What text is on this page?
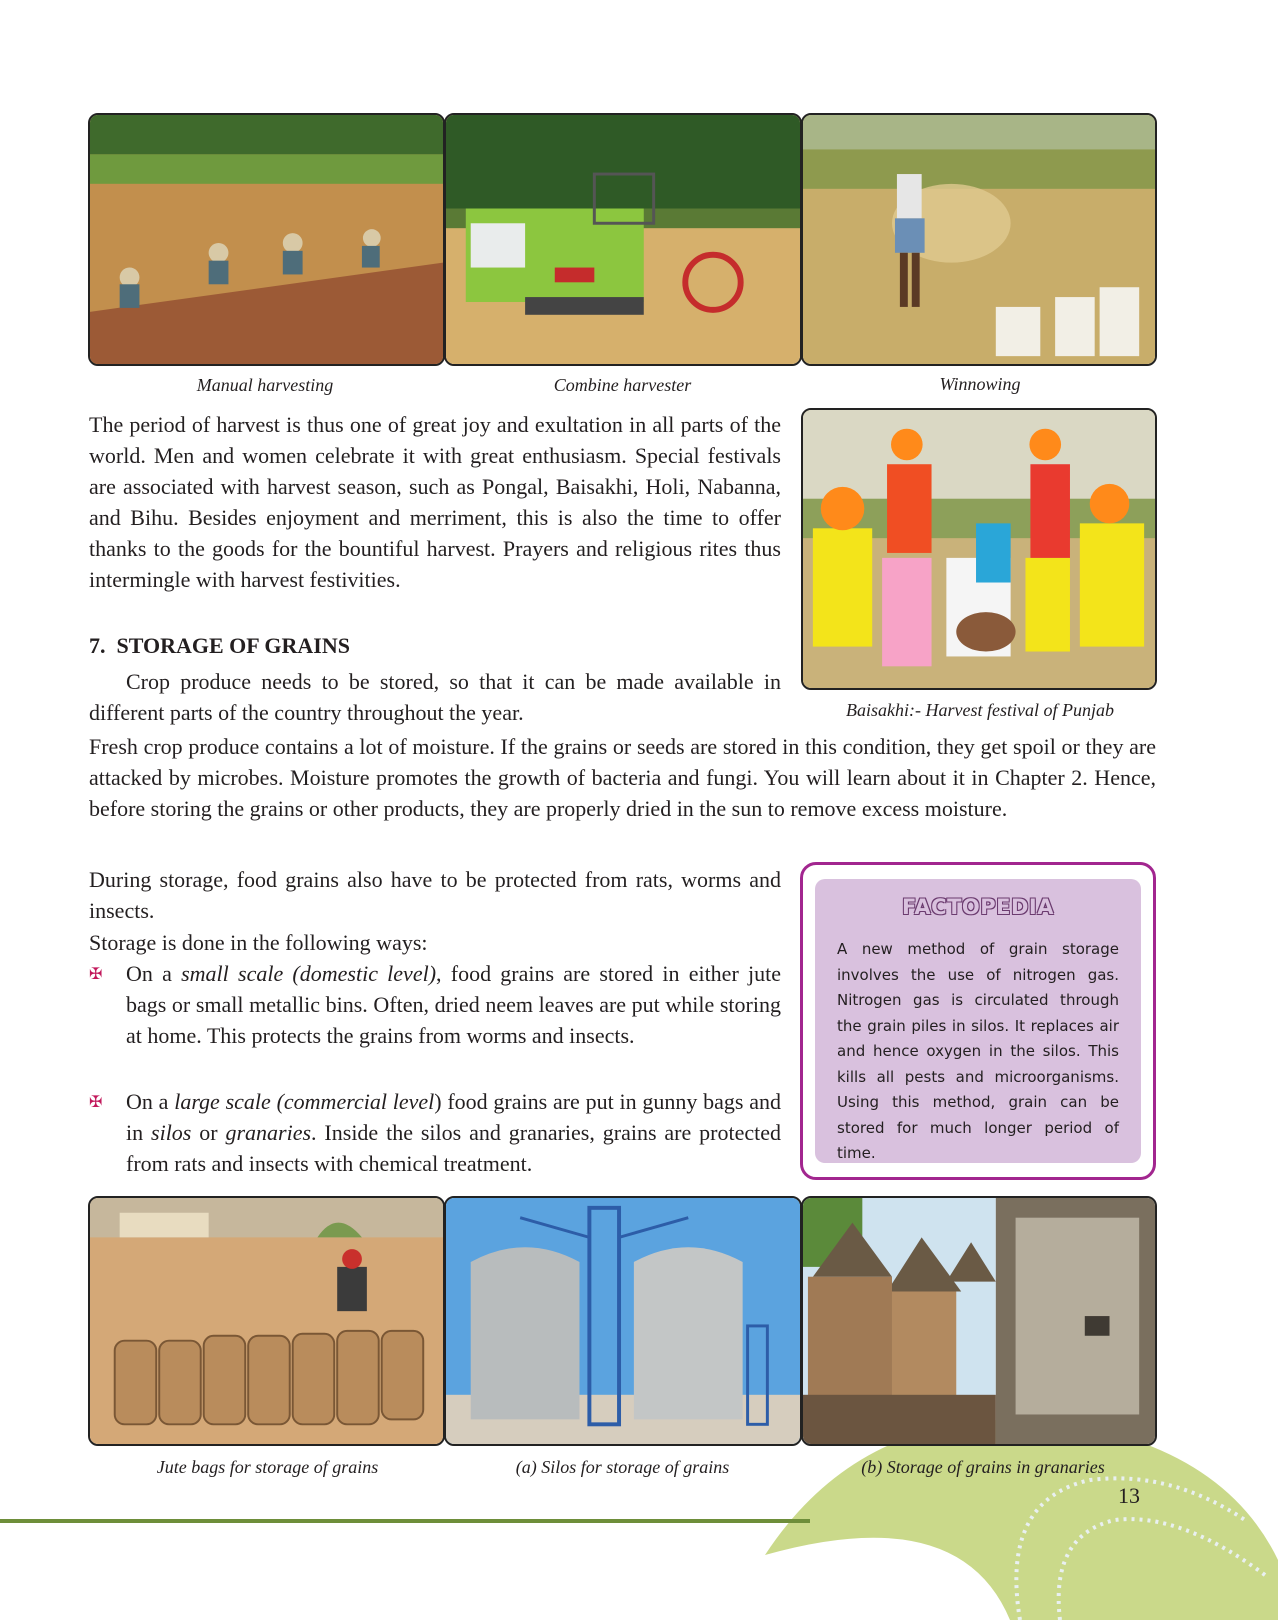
Manual harvesting	Combine harvester	Winnowing
Baisakhi:- Harvest festival of Punjab

The period of harvest is thus one of great joy and exultation in all parts of the world. Men and women celebrate it with great enthusiasm. Special festivals are associated with harvest season, such as Pongal, Baisakhi, Holi, Nabanna, and Bihu. Besides enjoyment and merriment, this is also the time to offer thanks to the goods for the bountiful harvest. Prayers and religious rites thus intermingle with harvest festivities.

7.  STORAGE OF GRAINS

Crop produce needs to be stored, so that it can be made available in different parts of the country throughout the year.

Fresh crop produce contains a lot of moisture. If the grains or seeds are stored in this condition, they get spoil or they are attacked by microbes. Moisture promotes the growth of bacteria and fungi. You will learn about it in Chapter 2. Hence, before storing the grains or other products, they are properly dried in the sun to remove excess moisture.

During storage, food grains also have to be protected from rats, worms and insects.

Storage is done in the following ways:

✠ On a small scale (domestic level), food grains are stored in either jute bags or small metallic bins. Often, dried neem leaves are put while storing at home. This protects the grains from worms and insects.

✠ On a large scale (commercial level) food grains are put in gunny bags and in silos or granaries. Inside the silos and granaries, grains are protected from rats and insects with chemical treatment.

FACTOPEDIA

A new method of grain storage involves the use of nitrogen gas. Nitrogen gas is circulated through the grain piles in silos. It replaces air and hence oxygen in the silos. This kills all pests and microorganisms. Using this method, grain can be stored for much longer period of time.

Jute bags for storage of grains	(a) Silos for storage of grains	(b) Storage of grains in granaries
13
